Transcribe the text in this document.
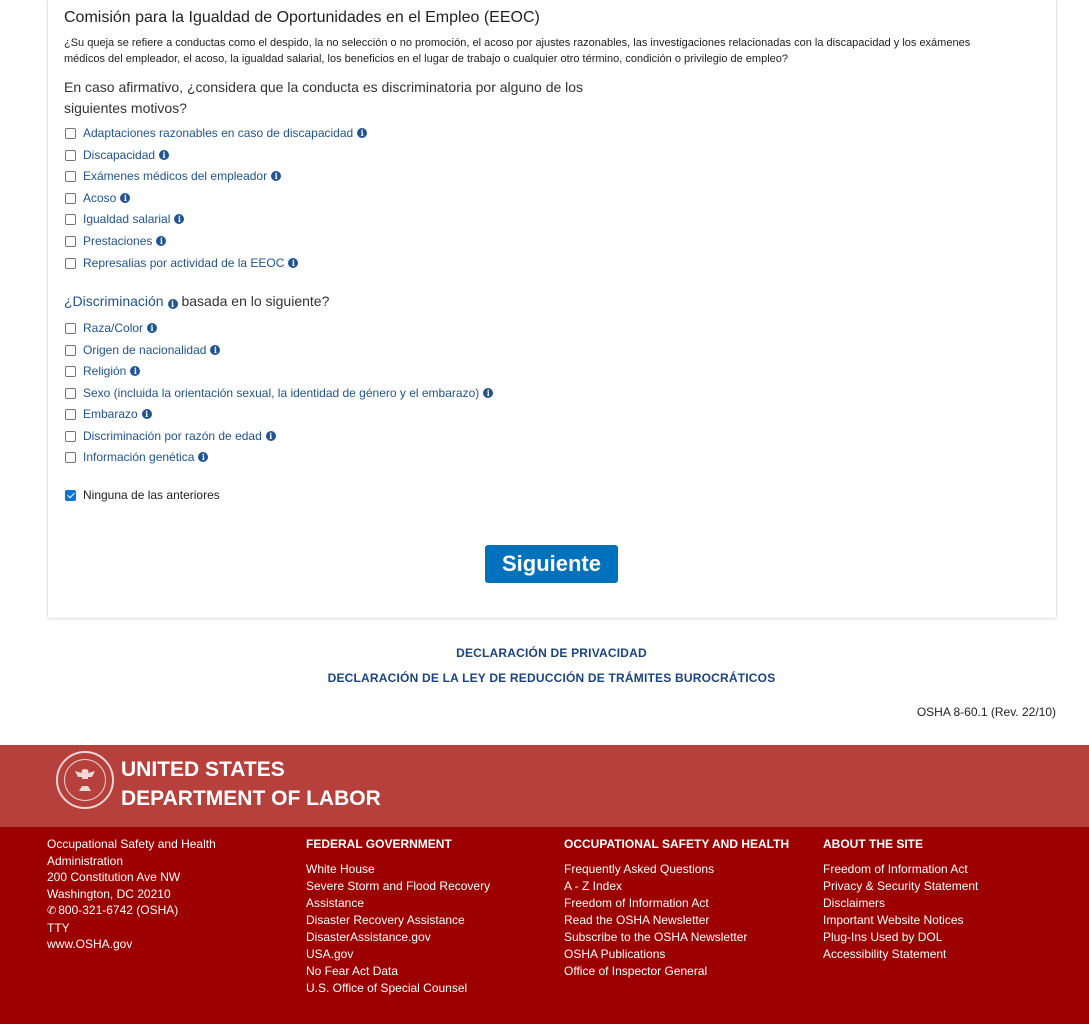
Comisión para la Igualdad de Oportunidades en el Empleo (EEOC)
¿Su queja se refiere a conductas como el despido, la no selección o no promoción, el acoso por ajustes razonables, las investigaciones relacionadas con la discapacidad y los exámenes médicos del empleador, el acoso, la igualdad salarial, los beneficios en el lugar de trabajo o cualquier otro término, condición o privilegio de empleo?
En caso afirmativo, ¿considera que la conducta es discriminatoria por alguno de los siguientes motivos?
Adaptaciones razonables en caso de discapacidad i
Discapacidad i
Exámenes médicos del empleador i
Acoso i
Igualdad salarial i
Prestaciones i
Represalias por actividad de la EEOC i
¿Discriminación i basada en lo siguiente?
Raza/Color i
Origen de nacionalidad i
Religión i
Sexo (incluida la orientación sexual, la identidad de género y el embarazo) i
Embarazo i
Discriminación por razón de edad i
Información genética i
Ninguna de las anteriores
Siguiente
DECLARACIÓN DE PRIVACIDAD
DECLARACIÓN DE LA LEY DE REDUCCIÓN DE TRÁMITES BUROCRÁTICOS
OSHA 8-60.1 (Rev. 22/10)
UNITED STATES
DEPARTMENT OF LABOR
Occupational Safety and Health Administration
200 Constitution Ave NW
Washington, DC 20210
✆ 800-321-6742 (OSHA)
TTY
www.OSHA.gov
FEDERAL GOVERNMENT
White House
Severe Storm and Flood Recovery Assistance
Disaster Recovery Assistance
DisasterAssistance.gov
USA.gov
No Fear Act Data
U.S. Office of Special Counsel
OCCUPATIONAL SAFETY AND HEALTH
Frequently Asked Questions
A - Z Index
Freedom of Information Act
Read the OSHA Newsletter
Subscribe to the OSHA Newsletter
OSHA Publications
Office of Inspector General
ABOUT THE SITE
Freedom of Information Act
Privacy & Security Statement
Disclaimers
Important Website Notices
Plug-Ins Used by DOL
Accessibility Statement
